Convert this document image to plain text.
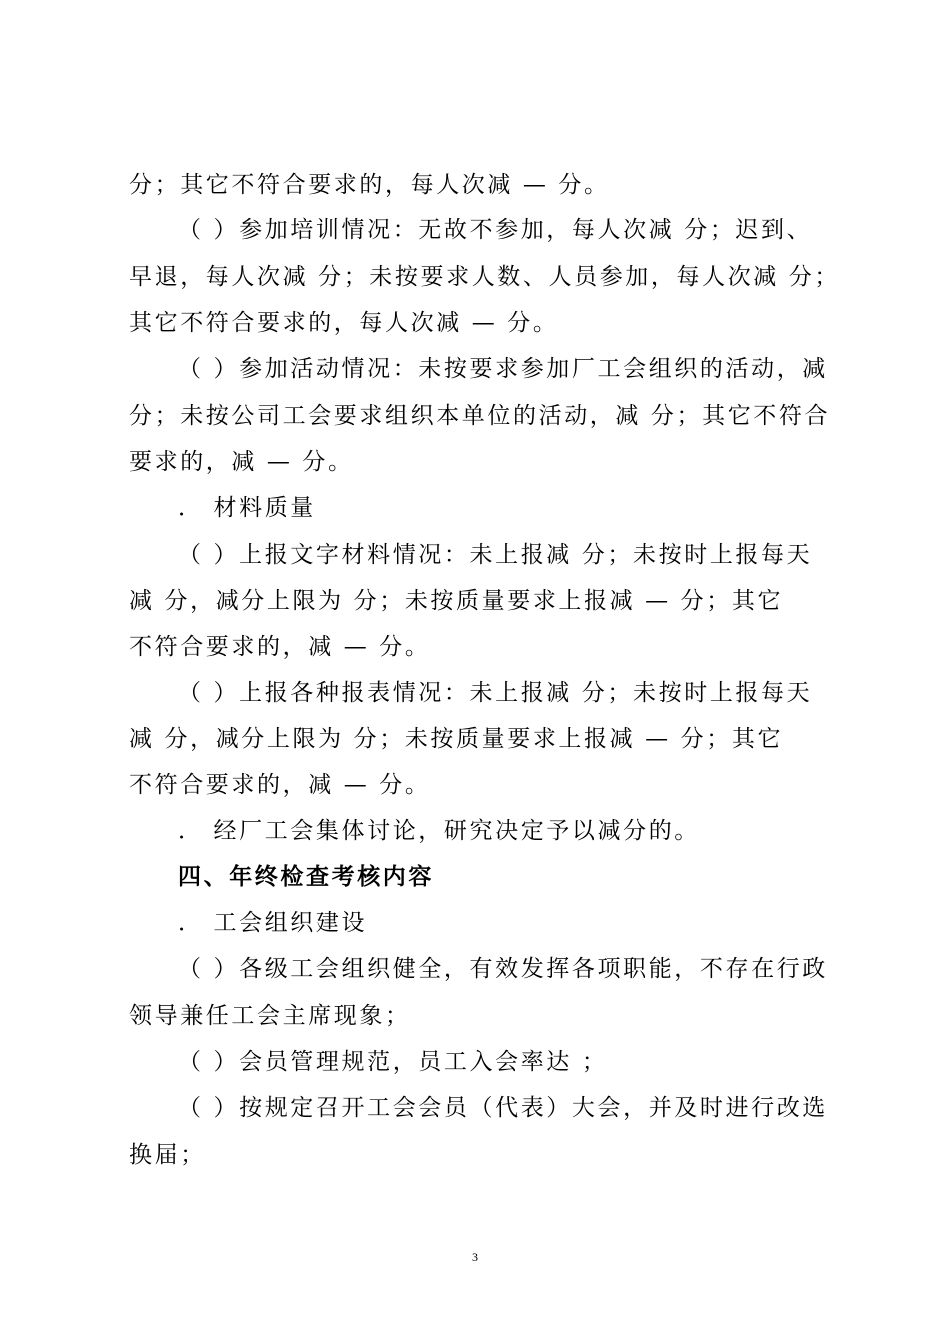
分；其它不符合要求的，每人次减 — 分。
（ ）参加培训情况：无故不参加，每人次减 分；迟到、
早退，每人次减 分；未按要求人数、人员参加，每人次减 分；
其它不符合要求的，每人次减 — 分。
（ ）参加活动情况：未按要求参加厂工会组织的活动，减
分；未按公司工会要求组织本单位的活动，减 分；其它不符合
要求的，减 — 分。
． 材料质量
（ ）上报文字材料情况：未上报减 分；未按时上报每天
减 分，减分上限为 分；未按质量要求上报减 — 分；其它
不符合要求的，减 — 分。
（ ）上报各种报表情况：未上报减 分；未按时上报每天
减 分，减分上限为 分；未按质量要求上报减 — 分；其它
不符合要求的，减 — 分。
． 经厂工会集体讨论，研究决定予以减分的。
四、年终检查考核内容
． 工会组织建设
（ ）各级工会组织健全，有效发挥各项职能，不存在行政
领导兼任工会主席现象；
（ ）会员管理规范，员工入会率达 ；
（ ）按规定召开工会会员（代表）大会，并及时进行改选
换届；
3
